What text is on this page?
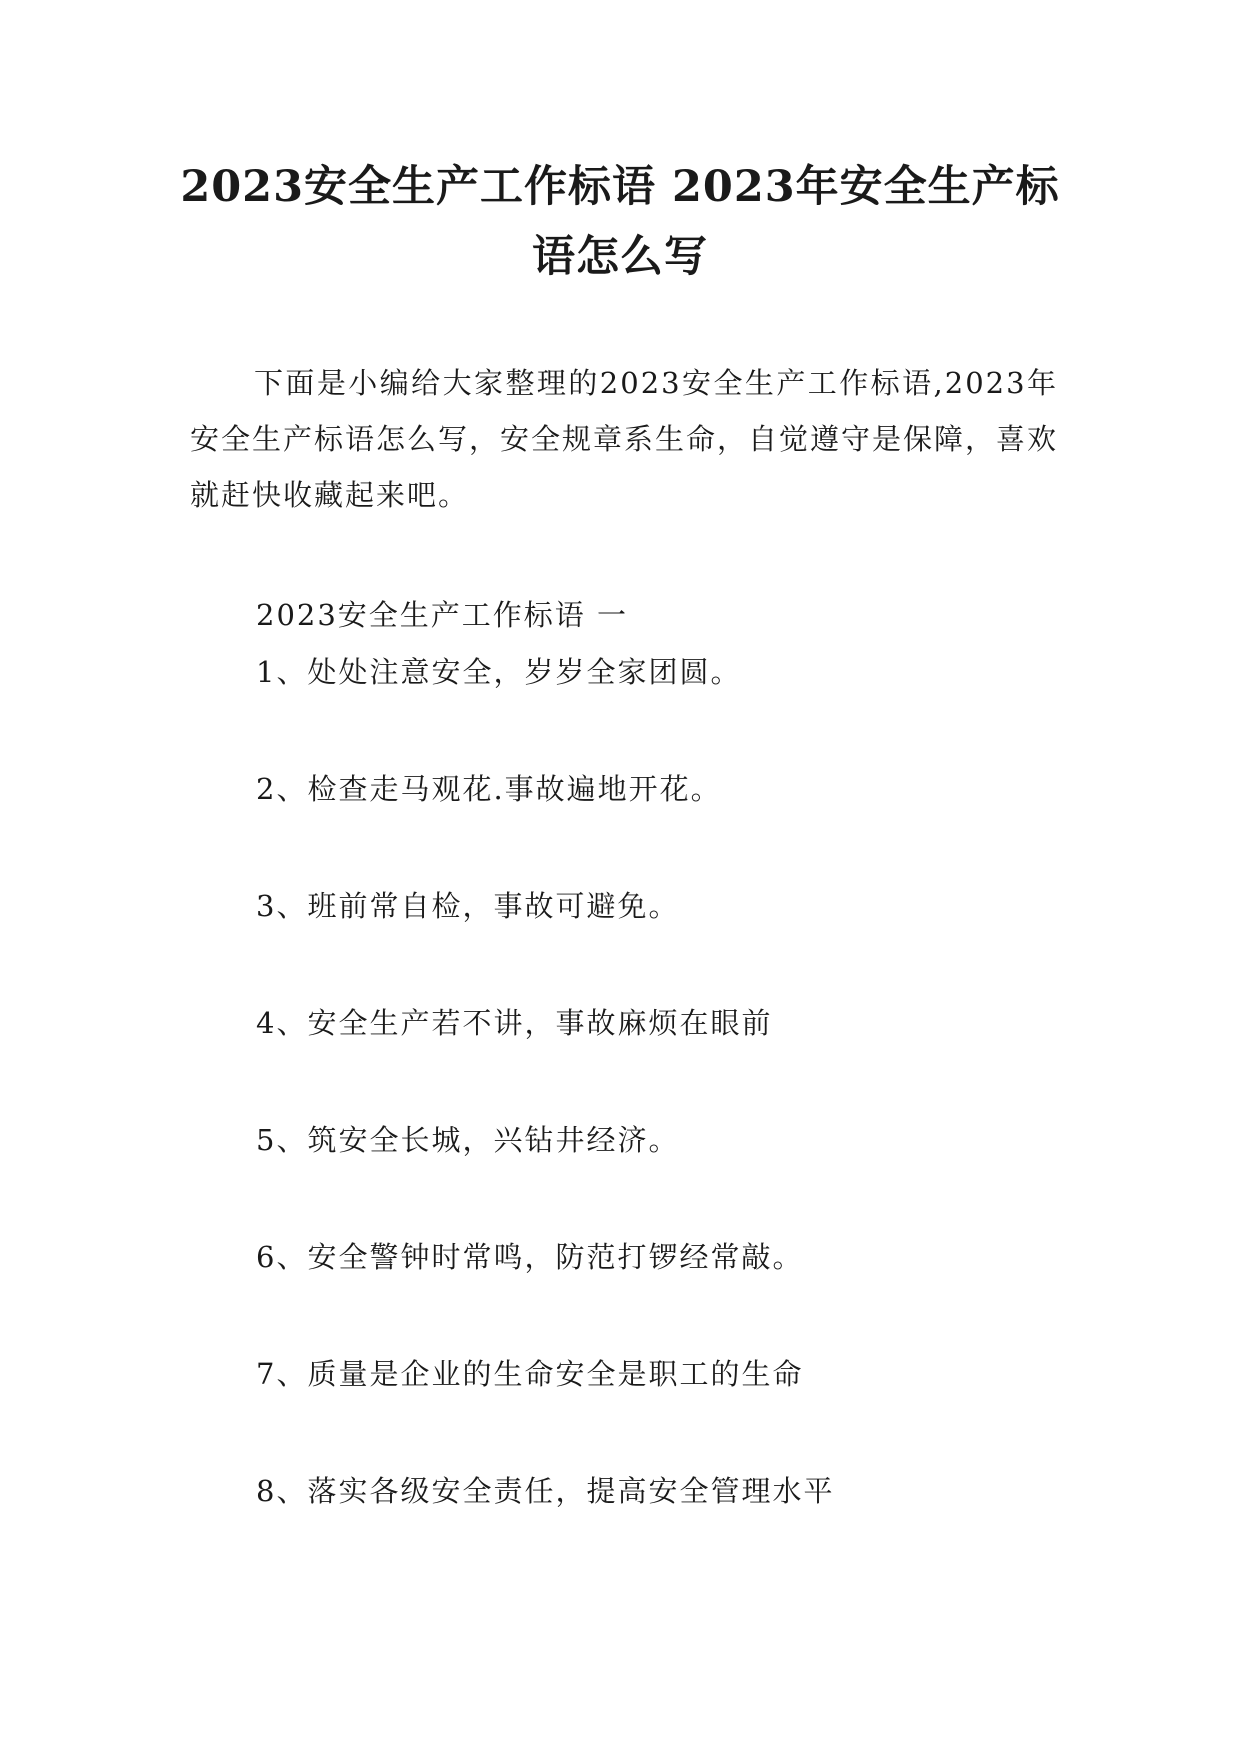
2023安全生产工作标语 2023年安全生产标语怎么写

下面是小编给大家整理的2023安全生产工作标语,2023年安全生产标语怎么写，安全规章系生命，自觉遵守是保障，喜欢就赶快收藏起来吧。

2023安全生产工作标语 一

1、处处注意安全，岁岁全家团圆。
2、检查走马观花.事故遍地开花。
3、班前常自检，事故可避免。
4、安全生产若不讲，事故麻烦在眼前
5、筑安全长城，兴钻井经济。
6、安全警钟时常鸣，防范打锣经常敲。
7、质量是企业的生命安全是职工的生命
8、落实各级安全责任，提高安全管理水平
